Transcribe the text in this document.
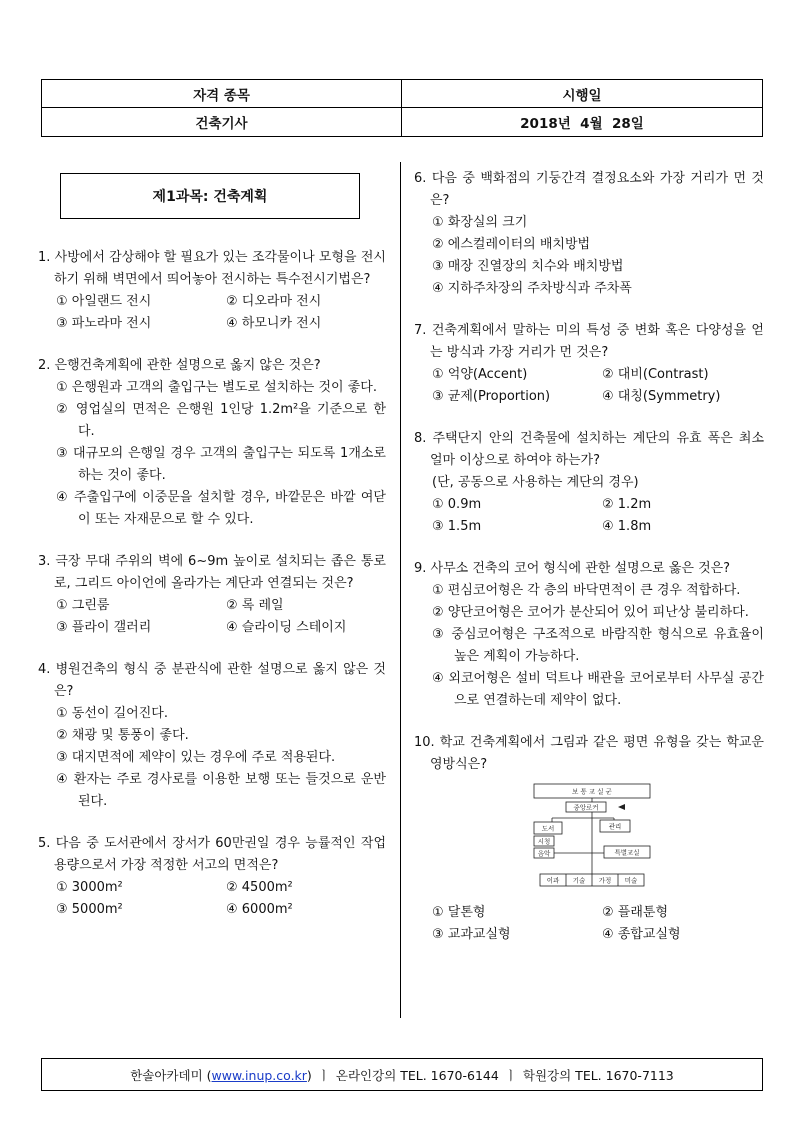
자격 종목	시행일
건축기사	2018년  4월  28일
제1과목: 건축계획
1. 사방에서 감상해야 할 필요가 있는 조각물이나 모형을 전시하기 위해 벽면에서 띄어놓아 전시하는 특수전시기법은?
① 아일랜드 전시	② 디오라마 전시
③ 파노라마 전시	④ 하모니카 전시
2. 은행건축계획에 관한 설명으로 옳지 않은 것은?
① 은행원과 고객의 출입구는 별도로 설치하는 것이 좋다.
② 영업실의 면적은 은행원 1인당 1.2m²을 기준으로 한다.
③ 대규모의 은행일 경우 고객의 출입구는 되도록 1개소로 하는 것이 좋다.
④ 주출입구에 이중문을 설치할 경우, 바깥문은 바깥 여닫이 또는 자재문으로 할 수 있다.
3. 극장 무대 주위의 벽에 6~9m 높이로 설치되는 좁은 통로로, 그리드 아이언에 올라가는 계단과 연결되는 것은?
① 그린룸	② 록 레일
③ 플라이 갤러리	④ 슬라이딩 스테이지
4. 병원건축의 형식 중 분관식에 관한 설명으로 옳지 않은 것은?
① 동선이 길어진다.
② 채광 및 통풍이 좋다.
③ 대지면적에 제약이 있는 경우에 주로 적용된다.
④ 환자는 주로 경사로를 이용한 보행 또는 들것으로 운반된다.
5. 다음 중 도서관에서 장서가 60만권일 경우 능률적인 작업용량으로서 가장 적정한 서고의 면적은?
① 3000m²	② 4500m²
③ 5000m²	④ 6000m²
6. 다음 중 백화점의 기둥간격 결정요소와 가장 거리가 먼 것은?
① 화장실의 크기
② 에스컬레이터의 배치방법
③ 매장 진열장의 치수와 배치방법
④ 지하주차장의 주차방식과 주차폭
7. 건축계획에서 말하는 미의 특성 중 변화 혹은 다양성을 얻는 방식과 가장 거리가 먼 것은?
① 억양(Accent)	② 대비(Contrast)
③ 균제(Proportion)	④ 대칭(Symmetry)
8. 주택단지 안의 건축물에 설치하는 계단의 유효 폭은 최소 얼마 이상으로 하여야 하는가?
(단, 공동으로 사용하는 계단의 경우)
① 0.9m	② 1.2m
③ 1.5m	④ 1.8m
9. 사무소 건축의 코어 형식에 관한 설명으로 옳은 것은?
① 편심코어형은 각 층의 바닥면적이 큰 경우 적합하다.
② 양단코어형은 코어가 분산되어 있어 피난상 불리하다.
③ 중심코어형은 구조적으로 바람직한 형식으로 유효율이 높은 계획이 가능하다.
④ 외코어형은 설비 덕트나 배관을 코어로부터 사무실 공간으로 연결하는데 제약이 없다.
10. 학교 건축계획에서 그림과 같은 평면 유형을 갖는 학교운영방식은?
보 통 교 실 군
중앙로커
도서	관리
시청
음악	특별교실
이과 기술 가정 미술
① 달톤형	② 플래툰형
③ 교과교실형	④ 종합교실형
한솔아카데미 (www.inup.co.kr) ㅣ 온라인강의 TEL. 1670-6144 ㅣ 학원강의 TEL. 1670-7113
